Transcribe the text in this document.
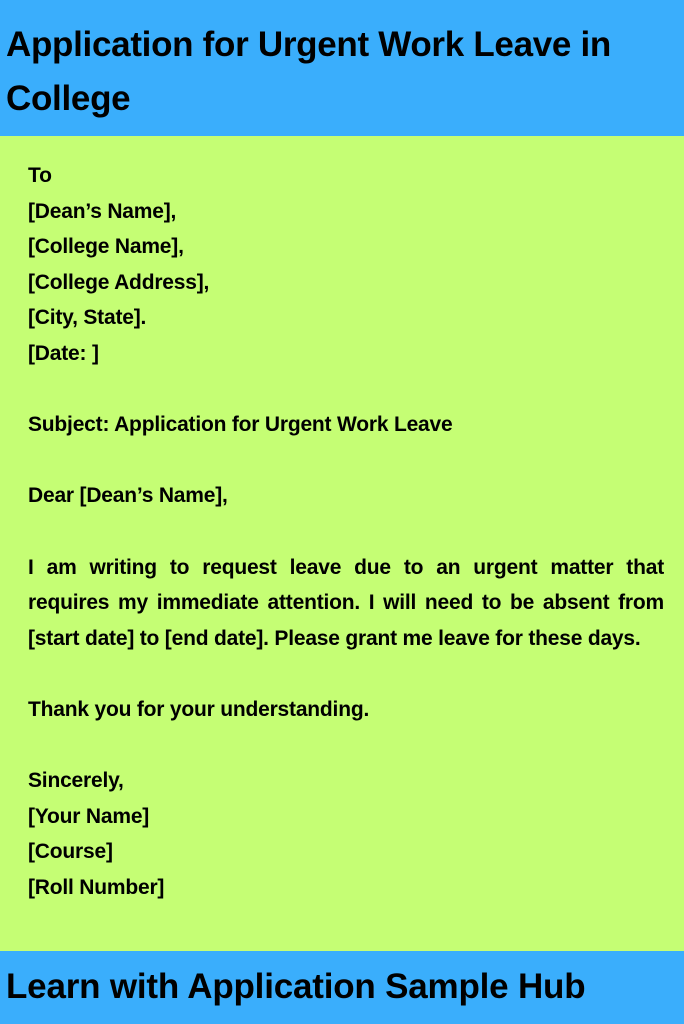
Application for Urgent Work Leave in College

To

[Dean’s Name],

[College Name],

[College Address],

[City, State].

[Date: ]

Subject: Application for Urgent Work Leave

Dear [Dean’s Name],

I am writing to request leave due to an urgent matter that requires my immediate attention. I will need to be absent from [start date] to [end date]. Please grant me leave for these days.

Thank you for your understanding.

Sincerely,

[Your Name]

[Course]

[Roll Number]

Learn with Application Sample Hub
